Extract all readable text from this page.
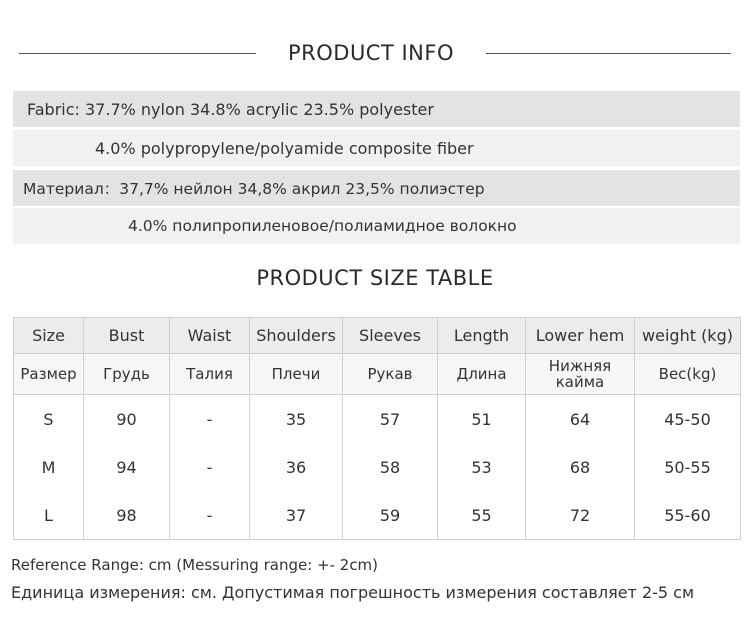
PRODUCT INFO
Fabric: 37.7% nylon 34.8% acrylic 23.5% polyester
4.0% polypropylene/polyamide composite fiber
Материал：37,7% нейлон 34,8% акрил 23,5% полиэстер
4.0% полипропиленовое/полиамидное волокно
PRODUCT SIZE TABLE
Size	Bust	Waist	Shoulders	Sleeves	Length	Lower hem	weight (kg)
Размер	Грудь	Талия	Плечи	Рукав	Длина	Нижняя кайма	Вес(kg)
S	90	-	35	57	51	64	45-50
M	94	-	36	58	53	68	50-55
L	98	-	37	59	55	72	55-60
Reference Range: cm (Messuring range: +- 2cm)
Единица измерения: см. Допустимая погрешность измерения составляет 2-5 см
